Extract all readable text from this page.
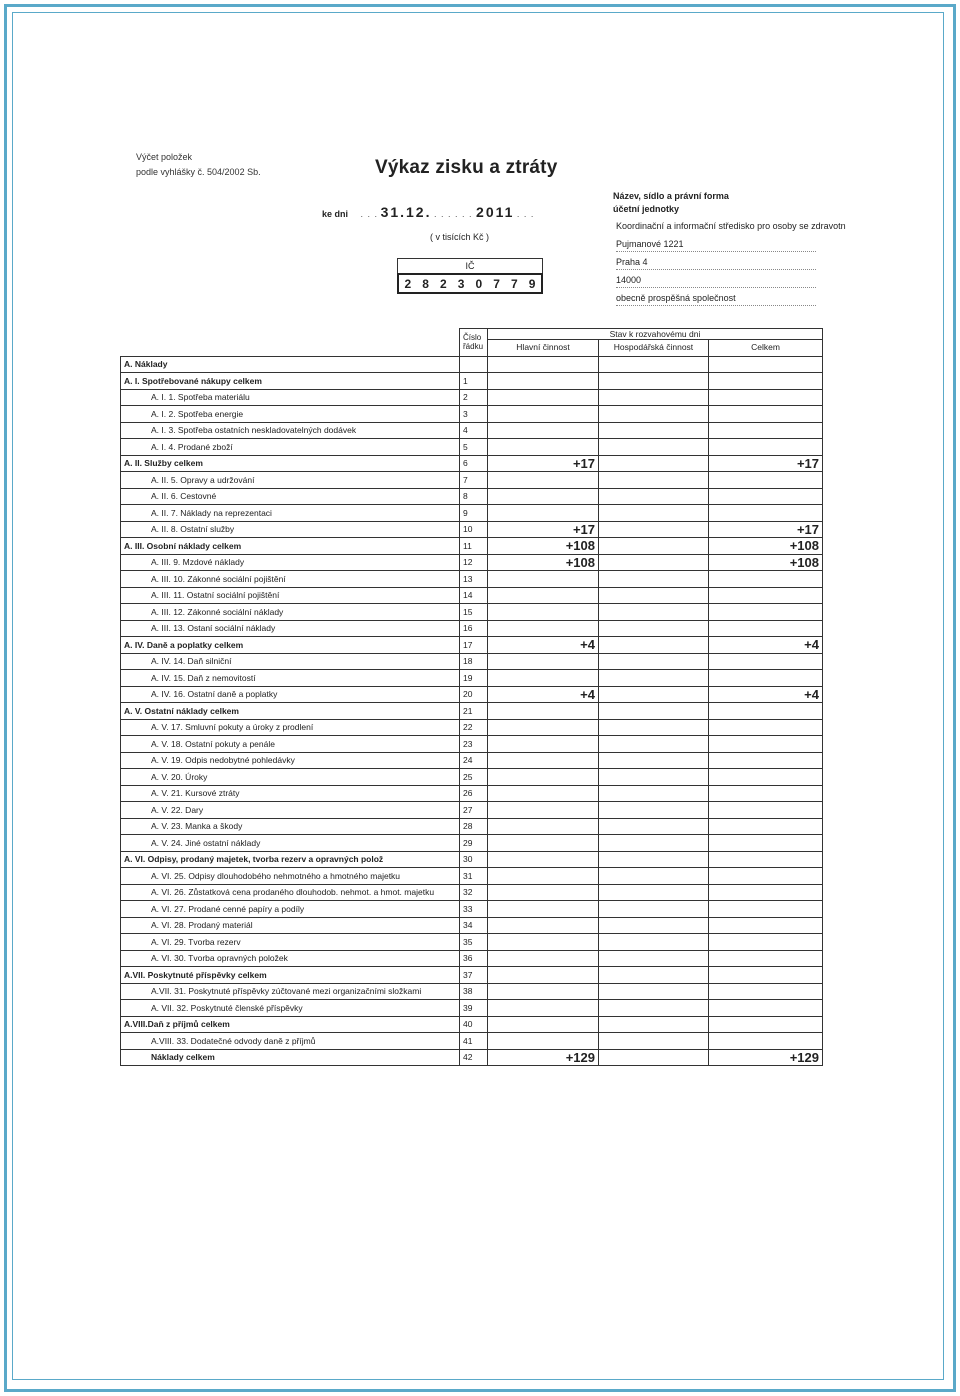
Výčet položek
podle vyhlášky č. 504/2002 Sb.	Výkaz zisku a ztráty
ke dni . . . 31.12. . . . . . . 2011 . . .
( v tisících Kč )
IČ
2 8 2 3 0 7 7 9
Název, sídlo a právní forma
účetní jednotky
Koordinační a informační středisko pro osoby se zdravotn
Pujmanové 1221
Praha 4
14000
obecně prospěšná společnost
	Číslo řádku	Stav k rozvahovému dni		
		Hlavní činnost	Hospodářská činnost	Celkem
A. Náklady				
A. I. Spotřebované nákupy celkem	1			
A. I. 1. Spotřeba materiálu	2			
A. I. 2. Spotřeba energie	3			
A. I. 3. Spotřeba ostatních neskladovatelných dodávek	4			
A. I. 4. Prodané zboží	5			
A. II. Služby celkem	6	+17		+17
A. II. 5. Opravy a udržování	7			
A. II. 6. Cestovné	8			
A. II. 7. Náklady na reprezentaci	9			
A. II. 8. Ostatní služby	10	+17		+17
A. III. Osobní náklady celkem	11	+108		+108
A. III. 9. Mzdové náklady	12	+108		+108
A. III. 10. Zákonné sociální pojištění	13			
A. III. 11. Ostatní sociální pojištění	14			
A. III. 12. Zákonné sociální náklady	15			
A. III. 13. Ostaní sociální náklady	16			
A. IV. Daně a poplatky celkem	17	+4		+4
A. IV. 14. Daň silniční	18			
A. IV. 15. Daň z nemovitostí	19			
A. IV. 16. Ostatní daně a poplatky	20	+4		+4
A. V. Ostatní náklady celkem	21			
A. V. 17. Smluvní pokuty a úroky z prodlení	22			
A. V. 18. Ostatní pokuty a penále	23			
A. V. 19. Odpis nedobytné pohledávky	24			
A. V. 20. Úroky	25			
A. V. 21. Kursové ztráty	26			
A. V. 22. Dary	27			
A. V. 23. Manka a škody	28			
A. V. 24. Jiné ostatní náklady	29			
A. VI. Odpisy, prodaný majetek, tvorba rezerv a opravných polož	30			
A. VI. 25. Odpisy dlouhodobého nehmotného a hmotného majetku	31			
A. VI. 26. Zůstatková cena prodaného dlouhodob. nehmot. a hmot. majetku	32			
A. VI. 27. Prodané cenné papíry a podíly	33			
A. VI. 28. Prodaný materiál	34			
A. VI. 29. Tvorba rezerv	35			
A. VI. 30. Tvorba opravných položek	36			
A.VII. Poskytnuté příspěvky celkem	37			
A.VII. 31. Poskytnuté příspěvky zúčtované mezi organizačními složkami	38			
A. VII. 32. Poskytnuté členské příspěvky	39			
A.VIII.Daň z příjmů celkem	40			
A.VIII. 33. Dodatečné odvody daně z příjmů	41			
Náklady celkem	42	+129		+129
